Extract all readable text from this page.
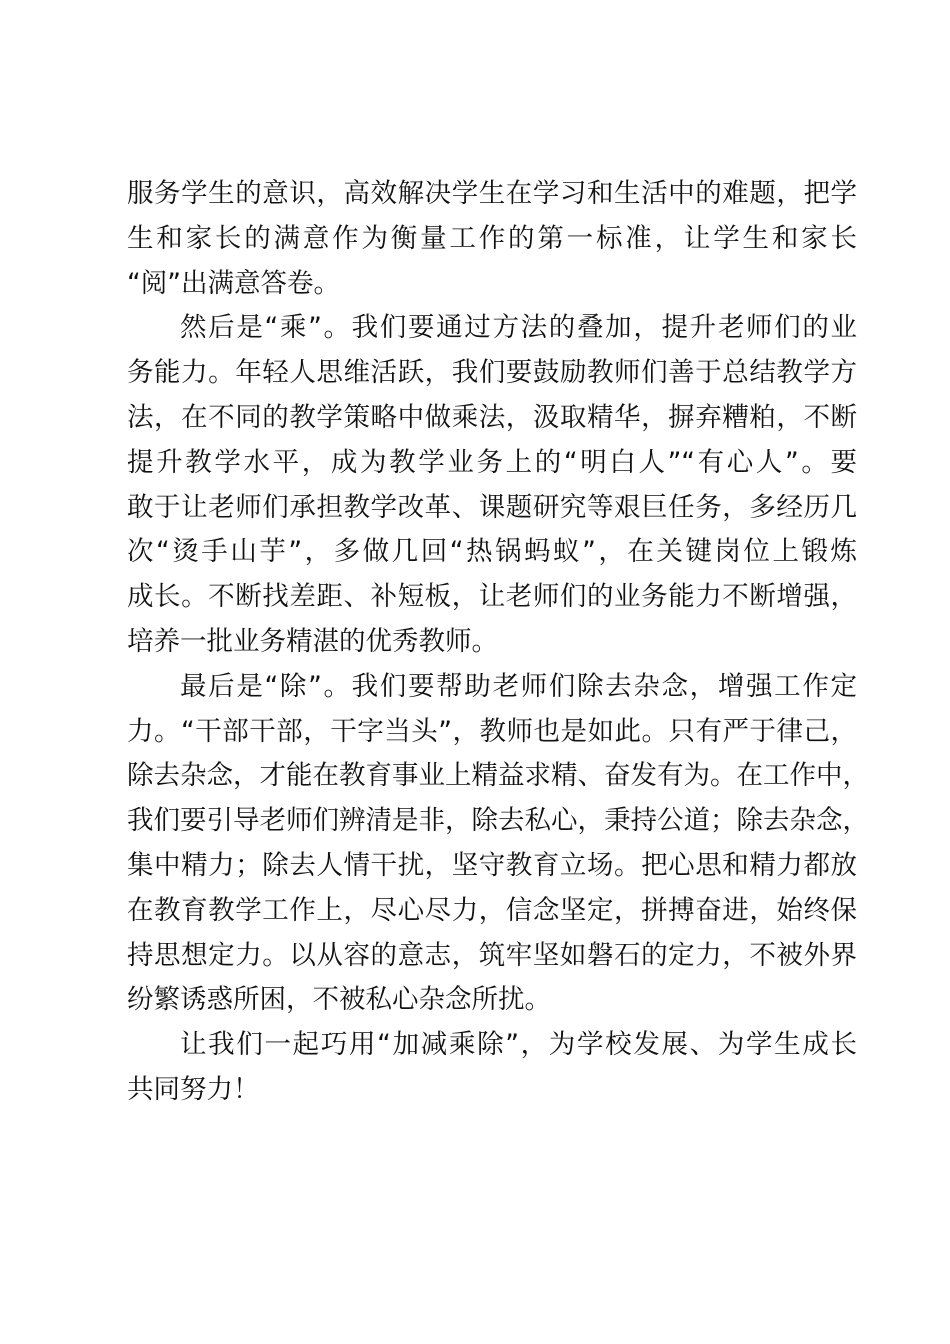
服务学生的意识，高效解决学生在学习和生活中的难题，把学
生和家长的满意作为衡量工作的第一标准，让学生和家长
“阅”出满意答卷。

然后是“乘”。我们要通过方法的叠加，提升老师们的业
务能力。年轻人思维活跃，我们要鼓励教师们善于总结教学方
法，在不同的教学策略中做乘法，汲取精华，摒弃糟粕，不断
提升教学水平，成为教学业务上的“明白人”“有心人”。要
敢于让老师们承担教学改革、课题研究等艰巨任务，多经历几
次“烫手山芋”，多做几回“热锅蚂蚁”，在关键岗位上锻炼
成长。不断找差距、补短板，让老师们的业务能力不断增强，
培养一批业务精湛的优秀教师。

最后是“除”。我们要帮助老师们除去杂念，增强工作定
力。“干部干部，干字当头”，教师也是如此。只有严于律己，
除去杂念，才能在教育事业上精益求精、奋发有为。在工作中，
我们要引导老师们辨清是非，除去私心，秉持公道；除去杂念，
集中精力；除去人情干扰，坚守教育立场。把心思和精力都放
在教育教学工作上，尽心尽力，信念坚定，拼搏奋进，始终保
持思想定力。以从容的意志，筑牢坚如磐石的定力，不被外界
纷繁诱惑所困，不被私心杂念所扰。

让我们一起巧用“加减乘除”，为学校发展、为学生成长
共同努力！
